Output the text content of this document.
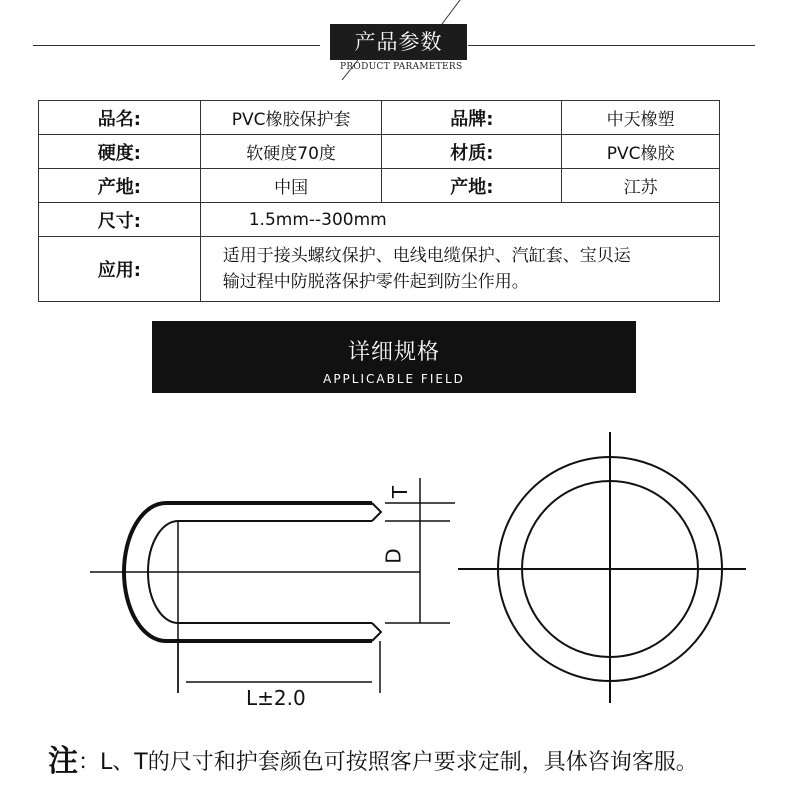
产品参数
PRODUCT PARAMETERS
品名:	PVC橡胶保护套	品牌:	中天橡塑
硬度:	软硬度70度	材质:	PVC橡胶
产地:	中国	产地:	江苏
尺寸:	1.5mm--300mm		
应用:	适用于接头螺纹保护、电线电缆保护、汽缸套、宝贝运
输过程中防脱落保护零件起到防尘作用。		
详细规格
APPLICABLE FIELD
T
D
L±2.0
注：L、T的尺寸和护套颜色可按照客户要求定制，具体咨询客服。
